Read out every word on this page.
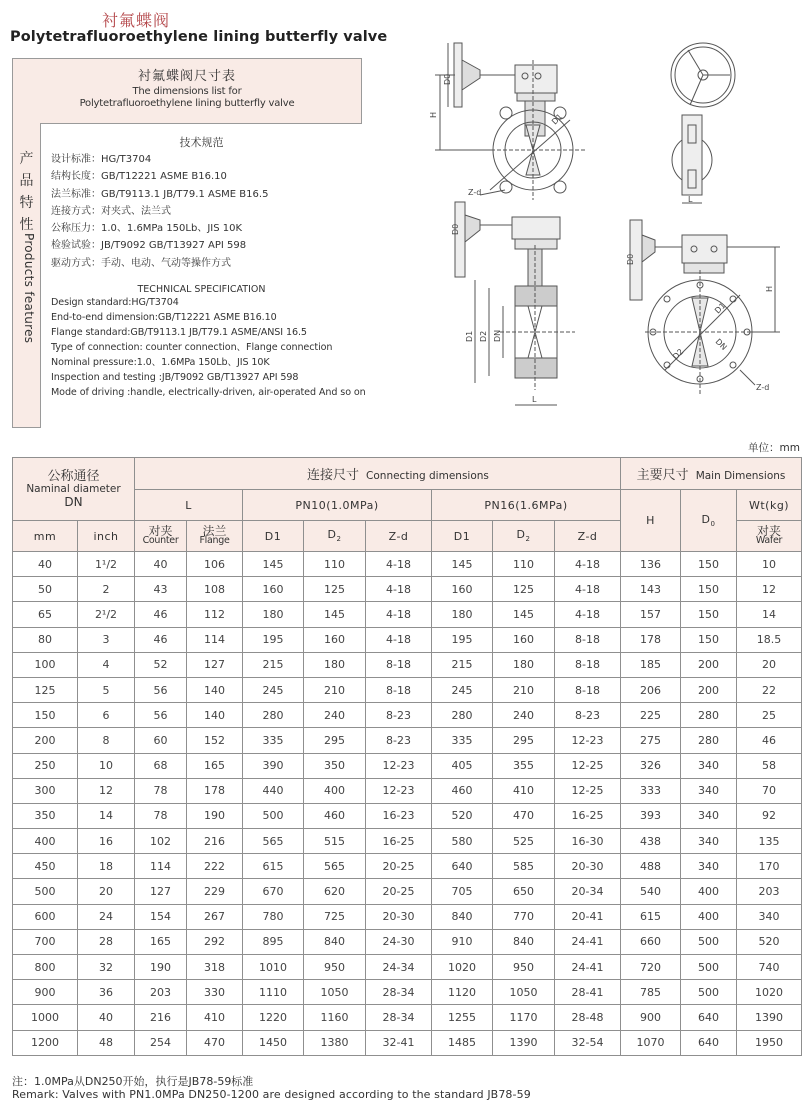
衬氟蝶阀
Polytetrafluoroethylene lining butterfly valve
衬氟蝶阀尺寸表
The dimensions list for
Polytetrafluoroethylene lining butterfly valve
产
品
特
性
Products features
技术规范
设计标准：HG/T3704
结构长度：GB/T12221 ASME B16.10
法兰标准：GB/T9113.1 JB/T79.1 ASME B16.5
连接方式：对夹式、法兰式
公称压力：1.0、1.6MPa 150Lb、JIS 10K
检验试验：JB/T9092 GB/T13927 API 598
驱动方式：手动、电动、气动等操作方式
TECHNICAL SPECIFICATION
Design standard:HG/T3704
End-to-end dimension:GB/T12221 ASME B16.10
Flange standard:GB/T9113.1 JB/T79.1 ASME/ANSI 16.5
Type of connection: counter connection、Flange connection
Nominal pressure:1.0、1.6MPa 150Lb、JIS 10K
Inspection and testing :JB/T9092 GB/T13927 API 598
Mode of driving :handle, electrically-driven, air-operated And so on
H
D0
D1
Z-d
L
D1 D2 DN
D0
L
H
D0
D1
D2
DN
Z-d
单位：mm
公称通径
Naminal diameter
DN		连接尺寸 Connecting dimensions								主要尺寸 Main Dimensions		
		L		PN10(1.0MPa)			PN16(1.6MPa)			H	$D_0$	Wt(kg)
mm	inch	对夹
Counter	法兰
Flange	D1	$D_2$	Z-d	D1	$D_2$	Z-d			对夹
Wafer

40	1¹/2	40	106	145	110	4-18	145	110	4-18	136	150	10
50	2	43	108	160	125	4-18	160	125	4-18	143	150	12
65	2¹/2	46	112	180	145	4-18	180	145	4-18	157	150	14
80	3	46	114	195	160	4-18	195	160	8-18	178	150	18.5
100	4	52	127	215	180	8-18	215	180	8-18	185	200	20
125	5	56	140	245	210	8-18	245	210	8-18	206	200	22
150	6	56	140	280	240	8-23	280	240	8-23	225	280	25
200	8	60	152	335	295	8-23	335	295	12-23	275	280	46
250	10	68	165	390	350	12-23	405	355	12-25	326	340	58
300	12	78	178	440	400	12-23	460	410	12-25	333	340	70
350	14	78	190	500	460	16-23	520	470	16-25	393	340	92
400	16	102	216	565	515	16-25	580	525	16-30	438	340	135
450	18	114	222	615	565	20-25	640	585	20-30	488	340	170
500	20	127	229	670	620	20-25	705	650	20-34	540	400	203
600	24	154	267	780	725	20-30	840	770	20-41	615	400	340
700	28	165	292	895	840	24-30	910	840	24-41	660	500	520
800	32	190	318	1010	950	24-34	1020	950	24-41	720	500	740
900	36	203	330	1110	1050	28-34	1120	1050	28-41	785	500	1020
1000	40	216	410	1220	1160	28-34	1255	1170	28-48	900	640	1390
1200	48	254	470	1450	1380	32-41	1485	1390	32-54	1070	640	1950
注：1.0MPa从DN250开始，执行是JB78-59标准
Remark: Valves with PN1.0MPa DN250-1200 are designed according to the standard JB78-59
